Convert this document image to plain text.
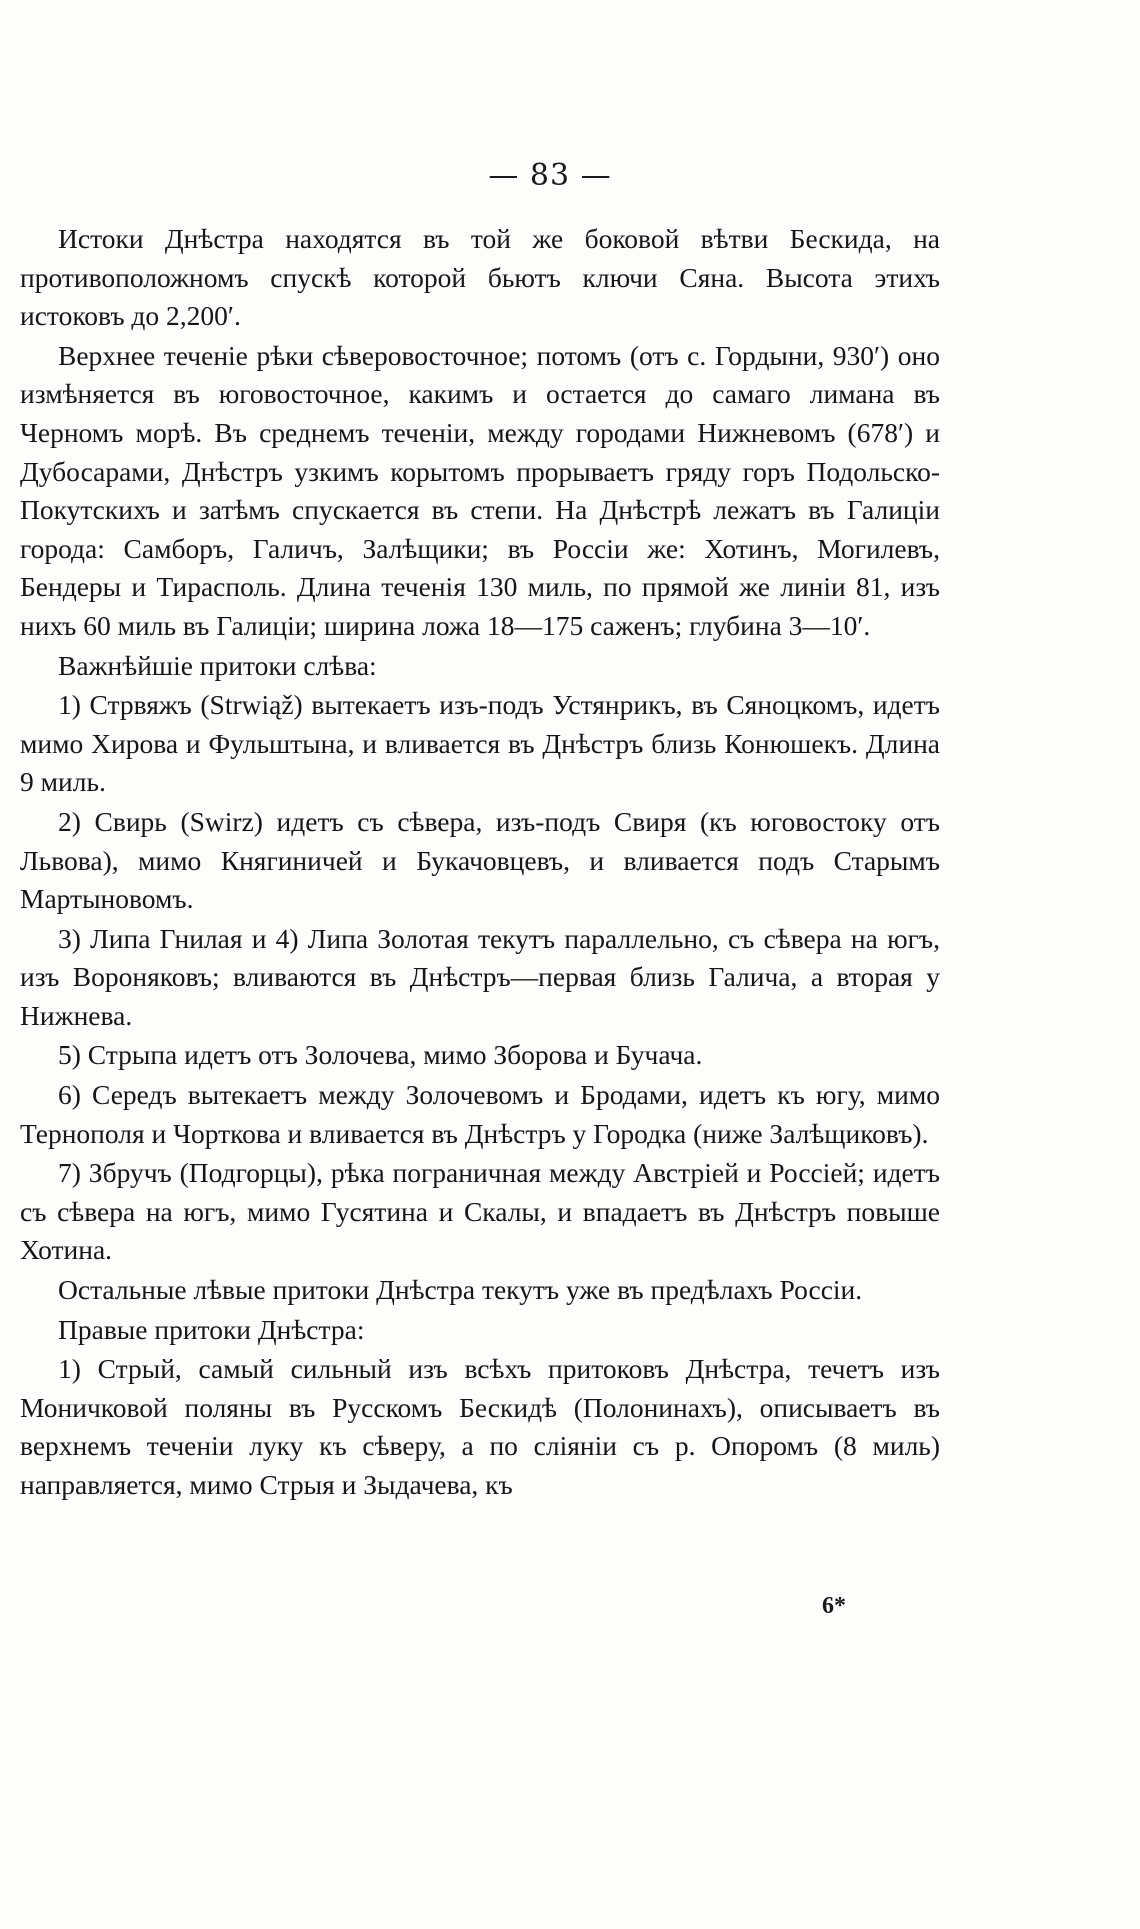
— 83 —

Истоки Днѣстра находятся въ той же боковой вѣтви Бескида, на противоположномъ спускѣ которой бьютъ ключи Сяна. Высота этихъ истоковъ до 2,200′.

Верхнее теченіе рѣки сѣверовосточное; потомъ (отъ с. Гордыни, 930′) оно измѣняется въ юговосточное, какимъ и остается до самаго лимана въ Черномъ морѣ. Въ среднемъ теченіи, между городами Нижневомъ (678′) и Дубосарами, Днѣстръ узкимъ корытомъ прорываетъ гряду горъ Подольско-Покутскихъ и затѣмъ спускается въ степи. На Днѣстрѣ лежатъ въ Галиціи города: Самборъ, Галичъ, Залѣщики; въ Россіи же: Хотинъ, Могилевъ, Бендеры и Тирасполь. Длина теченія 130 миль, по прямой же линіи 81, изъ нихъ 60 миль въ Галиціи; ширина ложа 18—175 саженъ; глубина 3—10′.

Важнѣйшіе притоки слѣва:

1) Стрвяжъ (Strwiąž) вытекаетъ изъ-подъ Устянрикъ, въ Сяноцкомъ, идетъ мимо Хирова и Фульштына, и вливается въ Днѣстръ близь Конюшекъ. Длина 9 миль.

2) Свирь (Swirz) идетъ съ сѣвера, изъ-подъ Свиря (къ юговостоку отъ Львова), мимо Княгиничей и Букачовцевъ, и вливается подъ Старымъ Мартыновомъ.

3) Липа Гнилая и 4) Липа Золотая текутъ параллельно, съ сѣвера на югъ, изъ Вороняковъ; вливаются въ Днѣстръ—первая близь Галича, а вторая у Нижнева.

5) Стрыпа идетъ отъ Золочева, мимо Зборова и Бучача.

6) Середъ вытекаетъ между Золочевомъ и Бродами, идетъ къ югу, мимо Тернополя и Чорткова и вливается въ Днѣстръ у Городка (ниже Залѣщиковъ).

7) Збручъ (Подгорцы), рѣка пограничная между Австріей и Россіей; идетъ съ сѣвера на югъ, мимо Гусятина и Скалы, и впадаетъ въ Днѣстръ повыше Хотина.

Остальные лѣвые притоки Днѣстра текутъ уже въ предѣлахъ Россіи.

Правые притоки Днѣстра:

1) Стрый, самый сильный изъ всѣхъ притоковъ Днѣстра, течетъ изъ Моничковой поляны въ Русскомъ Бескидѣ (Полонинахъ), описываетъ въ верхнемъ теченіи луку къ сѣверу, а по сліяніи съ р. Опоромъ (8 миль) направляется, мимо Стрыя и Зыдачева, къ

6*
